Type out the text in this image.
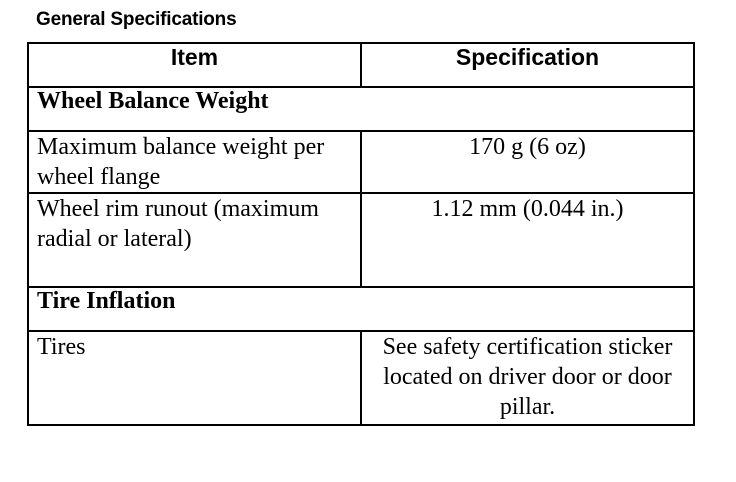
General Specifications
Item	Specification
Wheel Balance Weight	
Maximum balance weight per wheel flange	170 g (6 oz)
Wheel rim runout (maximum radial or lateral)	1.12 mm (0.044 in.)
Tire Inflation	
Tires	See safety certification sticker located on driver door or door pillar.
